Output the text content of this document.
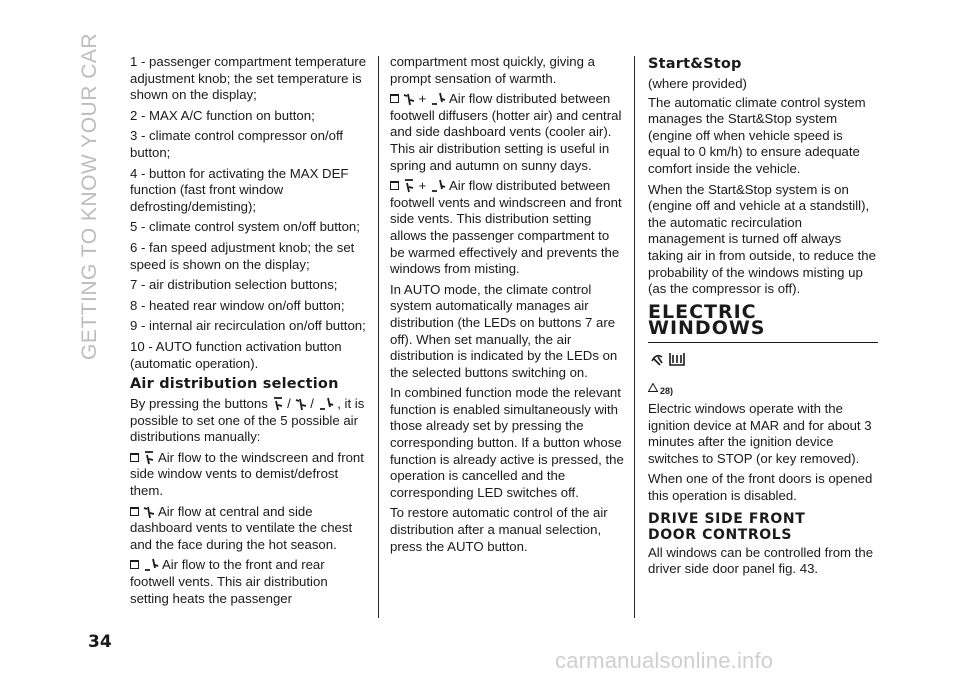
GETTING TO KNOW YOUR CAR 1 - passenger compartment temperature adjustment knob; the set temperature is shown on the display;

2 - MAX A/C function on button;

3 - climate control compressor on/off button;

4 - button for activating the MAX DEF function (fast front window defrosting/demisting);

5 - climate control system on/off button;

6 - fan speed adjustment knob; the set speed is shown on the display;

7 - air distribution selection buttons;

8 - heated rear window on/off button;

9 - internal air recirculation on/off button;

10 - AUTO function activation button (automatic operation).

Air distribution selection

By pressing the buttons / / , it is possible to set one of the 5 possible air distributions manually:

Air flow to the windscreen and front side window vents to demist/defrost them.

Air flow at central and side dashboard vents to ventilate the chest and the face during the hot season.

Air flow to the front and rear footwell vents. This air distribution setting heats the passenger

compartment most quickly, giving a prompt sensation of warmth.

+ Air flow distributed between footwell diffusers (hotter air) and central and side dashboard vents (cooler air). This air distribution setting is useful in spring and autumn on sunny days.

+ Air flow distributed between footwell vents and windscreen and front side vents. This distribution setting allows the passenger compartment to be warmed effectively and prevents the windows from misting.

In AUTO mode, the climate control system automatically manages air distribution (the LEDs on buttons 7 are off). When set manually, the air distribution is indicated by the LEDs on the selected buttons switching on.

In combined function mode the relevant function is enabled simultaneously with those already set by pressing the corresponding button. If a button whose function is already active is pressed, the operation is cancelled and the corresponding LED switches off.

To restore automatic control of the air distribution after a manual selection, press the AUTO button.

Start&Stop

(where provided)

The automatic climate control system manages the Start&Stop system (engine off when vehicle speed is equal to 0 km/h) to ensure adequate comfort inside the vehicle.

When the Start&Stop system is on (engine off and vehicle at a standstill), the automatic recirculation management is turned off always taking air in from outside, to reduce the probability of the windows misting up (as the compressor is off).

ELECTRIC WINDOWS
28)

Electric windows operate with the ignition device at MAR and for about 3 minutes after the ignition device switches to STOP (or key removed).

When one of the front doors is opened this operation is disabled.

DRIVE SIDE FRONT
DOOR CONTROLS

All windows can be controlled from the driver side door panel fig. 43.

34
carmanualsonline.info
